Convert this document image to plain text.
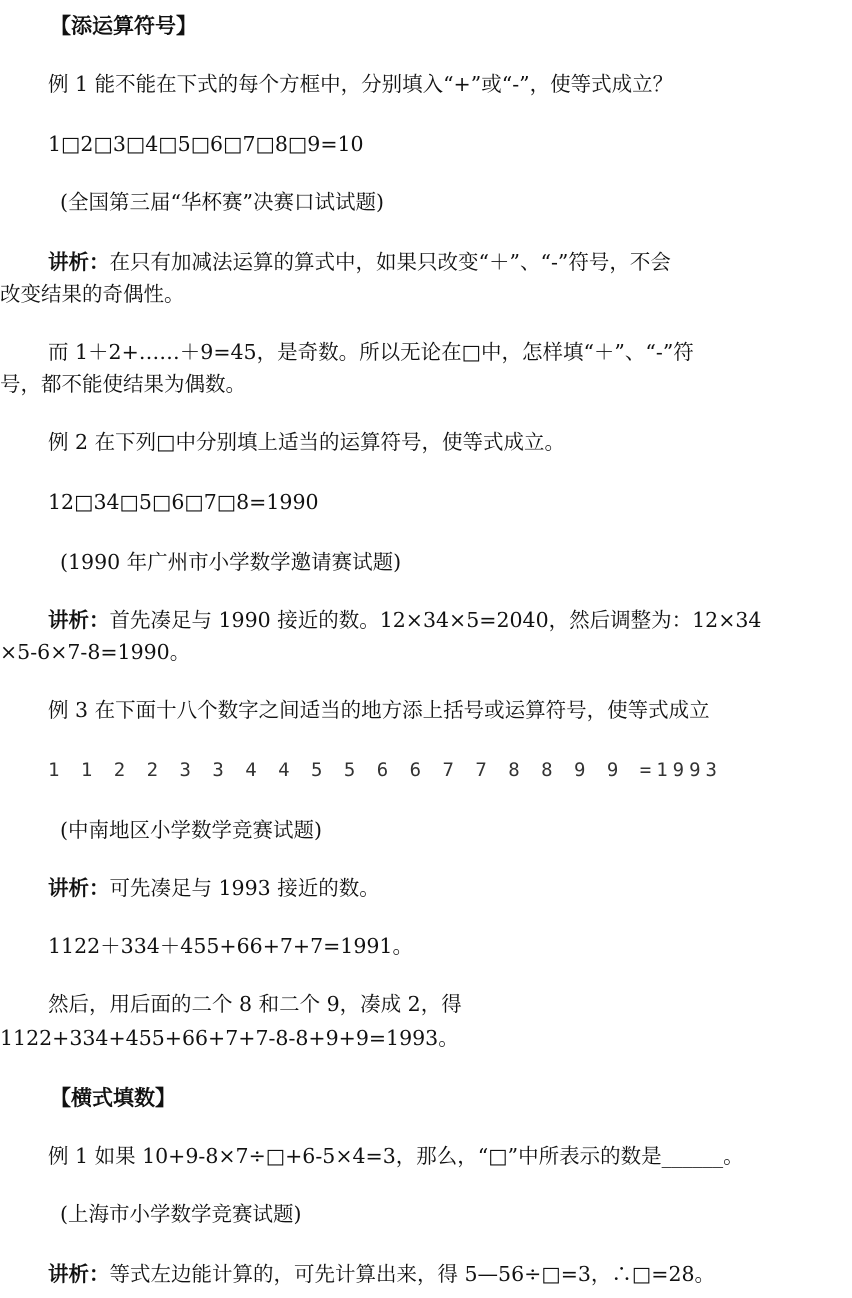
【添运算符号】
例 1 能不能在下式的每个方框中，分别填入“+”或“-”，使等式成立？
1□2□3□4□5□6□7□8□9=10
(全国第三届“华杯赛”决赛口试试题)
讲析：在只有加减法运算的算式中，如果只改变“＋”、“-”符号，不会
改变结果的奇偶性。
而 1＋2+……＋9=45，是奇数。所以无论在□中，怎样填“＋”、“-”符
号，都不能使结果为偶数。
例 2 在下列□中分别填上适当的运算符号，使等式成立。
12□34□5□6□7□8=1990
(1990 年广州市小学数学邀请赛试题)
讲析：首先凑足与 1990 接近的数。12×34×5=2040，然后调整为：12×34
×5-6×7-8=1990。
例 3 在下面十八个数字之间适当的地方添上括号或运算符号，使等式成立
1 1 2 2 3 3 4 4 5 5 6 6 7 7 8 8 9 9 =1993
(中南地区小学数学竞赛试题)
讲析：可先凑足与 1993 接近的数。
1122＋334＋455+66+7+7=1991。
然后，用后面的二个 8 和二个 9，凑成 2，得
1122+334+455+66+7+7-8-8+9+9=1993。
【横式填数】
例 1 如果 10+9-8×7÷□+6-5×4=3，那么，“□”中所表示的数是______。
(上海市小学数学竞赛试题)
讲析：等式左边能计算的，可先计算出来，得 5—56÷□=3，∴□=28。
